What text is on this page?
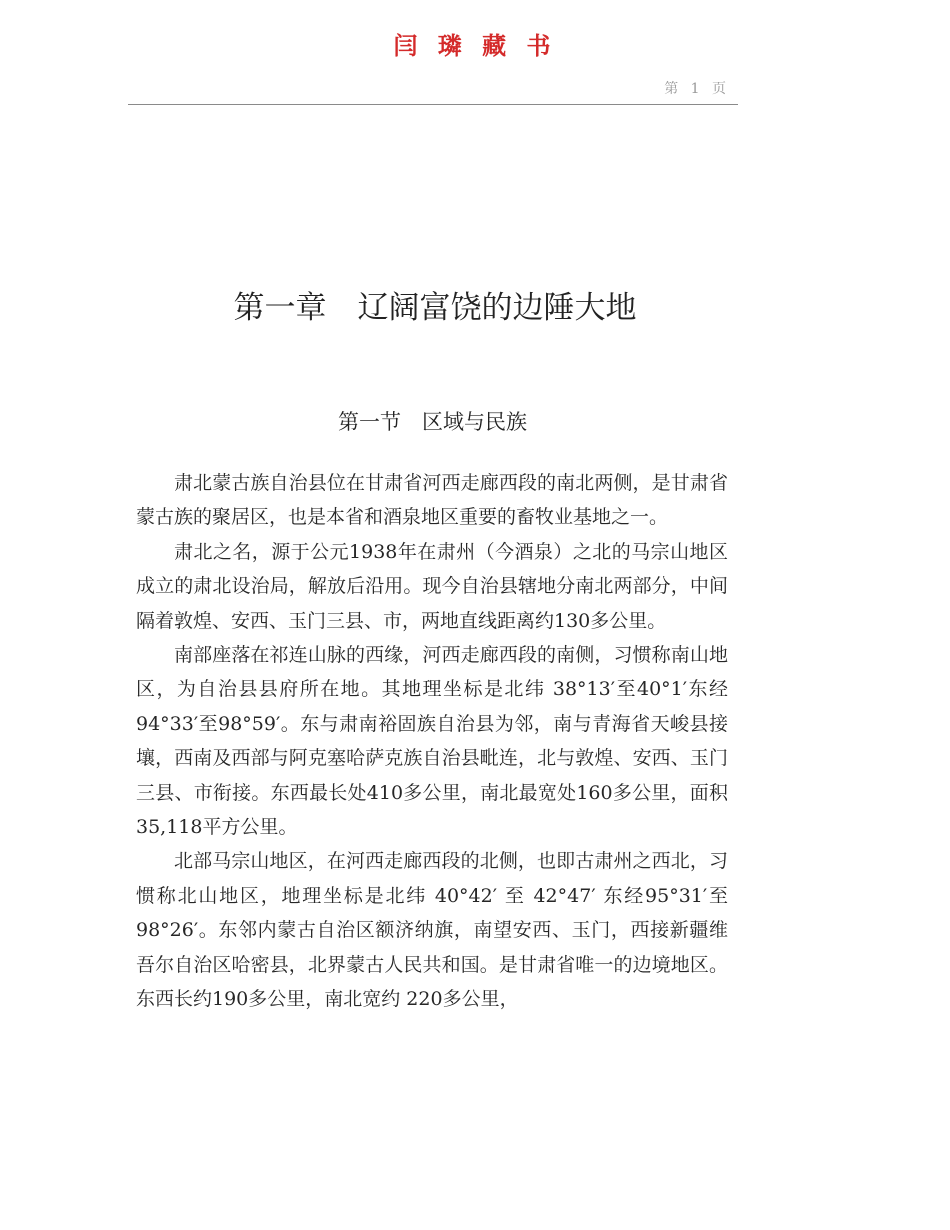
闫 璘 藏 书
第 1 页
第一章　辽阔富饶的边陲大地
第一节　区域与民族

肃北蒙古族自治县位在甘肃省河西走廊西段的南北两侧，是甘肃省蒙古族的聚居区，也是本省和酒泉地区重要的畜牧业基地之一。

肃北之名，源于公元1938年在肃州（今酒泉）之北的马宗山地区成立的肃北设治局，解放后沿用。现今自治县辖地分南北两部分，中间隔着敦煌、安西、玉门三县、市，两地直线距离约130多公里。

南部座落在祁连山脉的西缘，河西走廊西段的南侧，习惯称南山地区，为自治县县府所在地。其地理坐标是北纬 38°13′至40°1′东经94°33′至98°59′。东与肃南裕固族自治县为邻，南与青海省天峻县接壤，西南及西部与阿克塞哈萨克族自治县毗连，北与敦煌、安西、玉门三县、市衔接。东西最长处410多公里，南北最宽处160多公里，面积 35,118平方公里。

北部马宗山地区，在河西走廊西段的北侧，也即古肃州之西北，习惯称北山地区，地理坐标是北纬 40°42′ 至 42°47′ 东经95°31′至98°26′。东邻内蒙古自治区额济纳旗，南望安西、玉门，西接新疆维吾尔自治区哈密县，北界蒙古人民共和国。是甘肃省唯一的边境地区。东西长约190多公里，南北宽约 220多公里，
